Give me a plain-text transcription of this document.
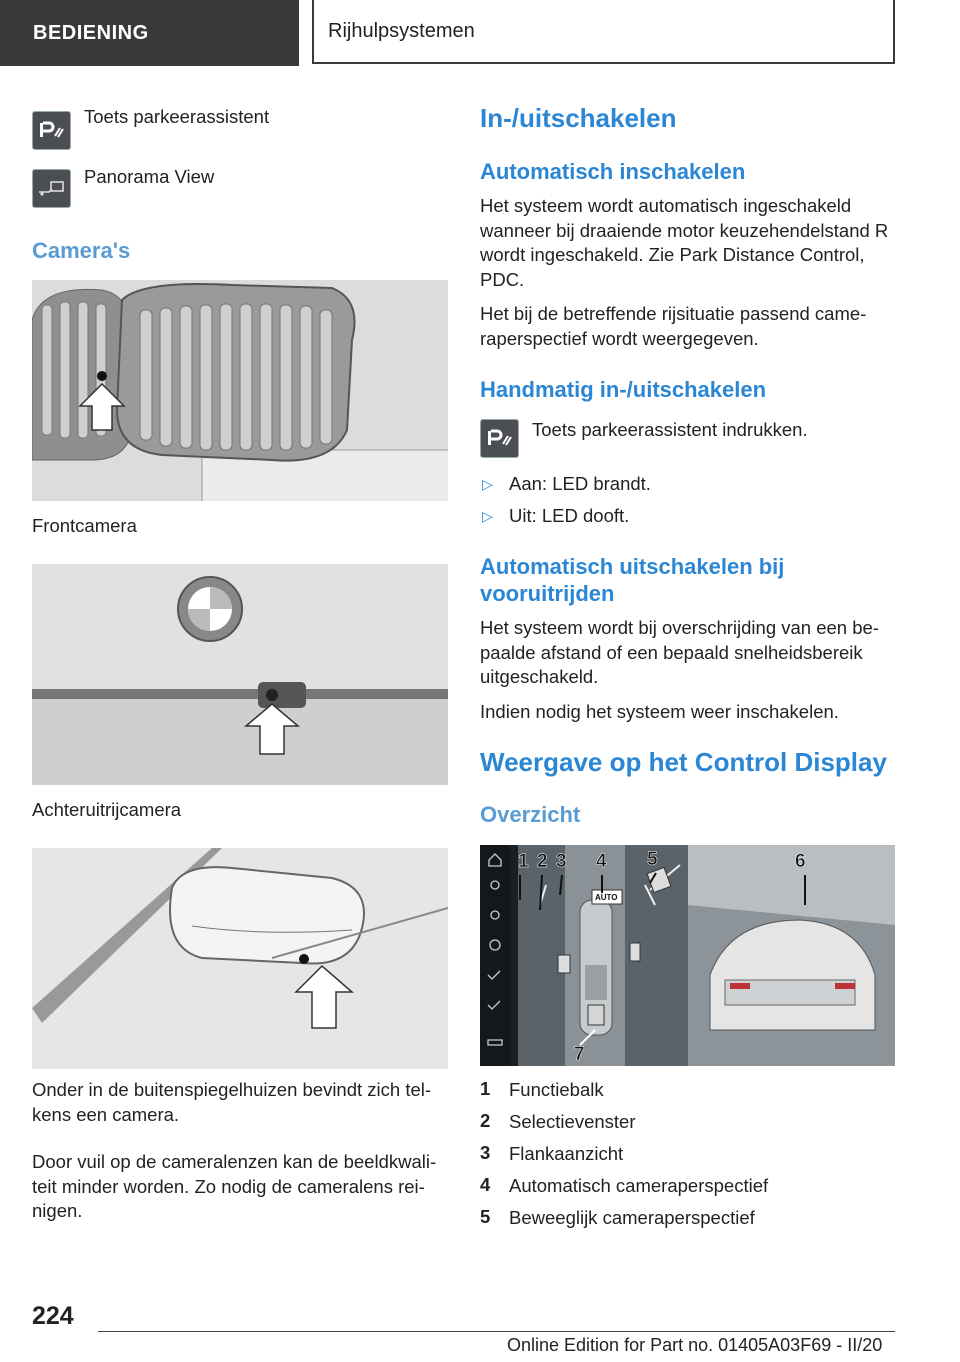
BEDIENING	Rijhulpsystemen
Toets parkeerassistent
Panorama View
Camera's
Frontcamera
Achteruitrijcamera
Onder in de buitenspiegelhuizen bevindt zich tel-kens een camera.
Door vuil op de cameralenzen kan de beeldkwali-teit minder worden. Zo nodig de cameralens rei-nigen.
In-/uitschakelen
Automatisch inschakelen
Het systeem wordt automatisch ingeschakeld wanneer bij draaiende motor keuzehendelstand R wordt ingeschakeld. Zie Park Distance Control, PDC.
Het bij de betreffende rijsituatie passend came-raperspectief wordt weergegeven.
Handmatig in-/uitschakelen
Toets parkeerassistent indrukken.
▷ Aan: LED brandt.
▷ Uit: LED dooft.
Automatisch uitschakelen bij vooruitrijden
Het systeem wordt bij overschrijding van een be-paalde afstand of een bepaald snelheidsbereik uitgeschakeld.
Indien nodig het systeem weer inschakelen.
Weergave op het Control Display
Overzicht
AUTO
1 2 3 4 5	6
7
1 Functiebalk
2 Selectievenster
3 Flankaanzicht
4 Automatisch cameraperspectief
5 Beweeglijk cameraperspectief
224
Online Edition for Part no. 01405A03F69 - II/20
